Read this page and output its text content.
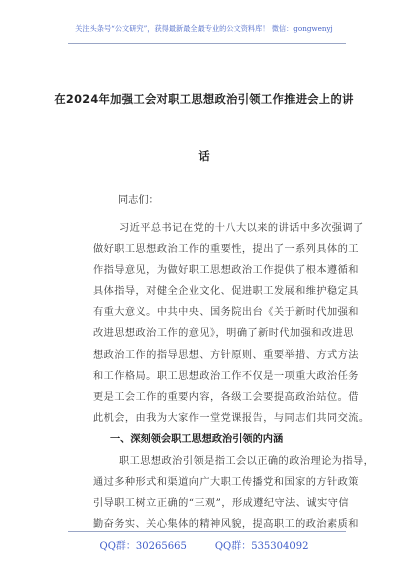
关注头条号“公文研究”，获得最新最全最专业的公文资料库！ 微信：gongwenyj
在2024年加强工会对职工思想政治引领工作推进会上的讲
话
同志们：
习近平总书记在党的十八大以来的讲话中多次强调了
做好职工思想政治工作的重要性，提出了一系列具体的工
作指导意见，为做好职工思想政治工作提供了根本遵循和
具体指导，对健全企业文化、促进职工发展和维护稳定具
有重大意义。中共中央、国务院出台《关于新时代加强和
改进思想政治工作的意见》，明确了新时代加强和改进思
想政治工作的指导思想、方针原则、重要举措、方式方法
和工作格局。职工思想政治工作不仅是一项重大政治任务
更是工会工作的重要内容，各级工会要提高政治站位。借
此机会，由我为大家作一堂党课报告，与同志们共同交流。
一、深刻领会职工思想政治引领的内涵
职工思想政治引领是指工会以正确的政治理论为指导，
通过多种形式和渠道向广大职工传播党和国家的方针政策
引导职工树立正确的“三观”，形成遵纪守法、诚实守信
勤奋务实、关心集体的精神风貌，提高职工的政治素质和
QQ群：30265665	QQ群：535304092
